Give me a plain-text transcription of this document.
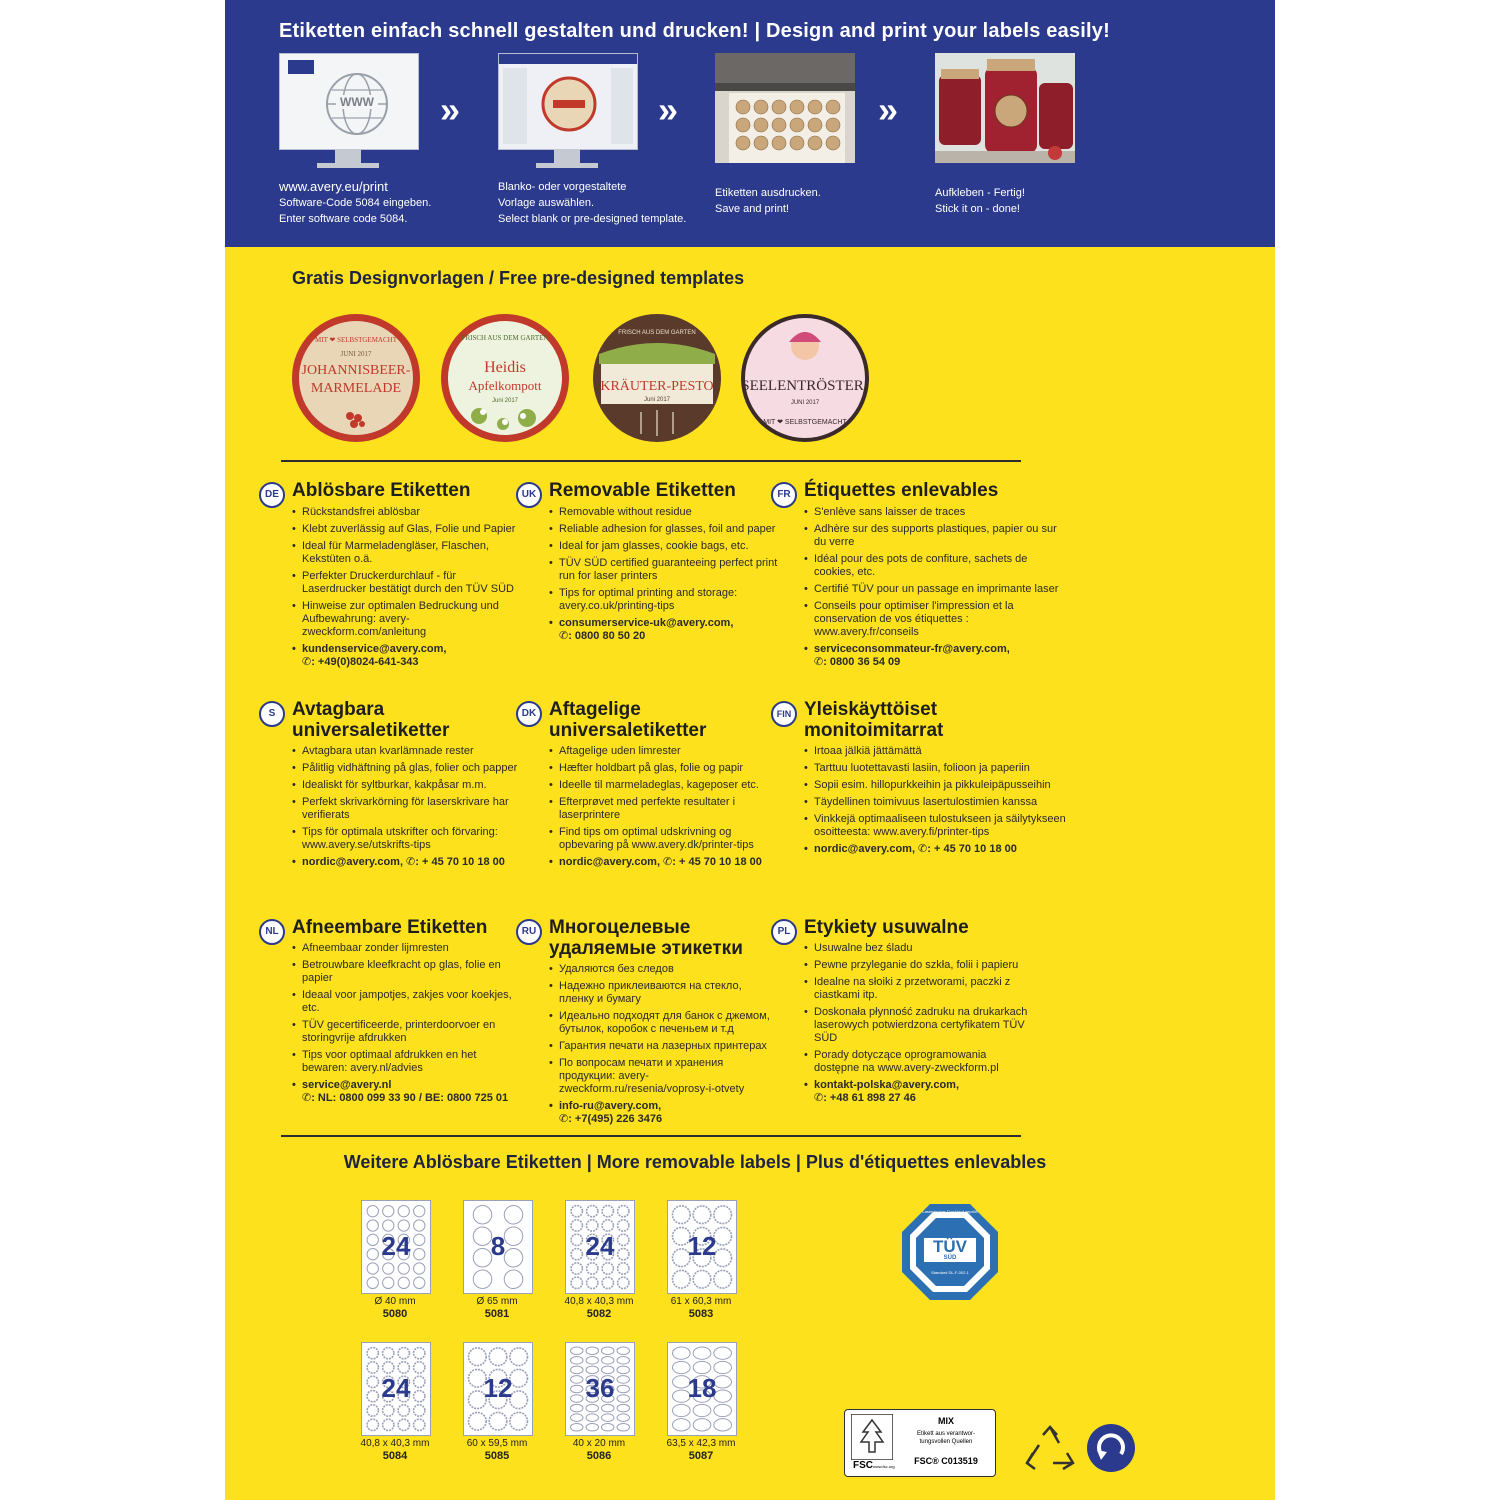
Etiketten einfach schnell gestalten und drucken! | Design and print your labels easily!
WWW
www.avery.eu/print
Software-Code 5084 eingeben.
Enter software code 5084.
»
Blanko- oder vorgestaltete
Vorlage auswählen.
Select blank or pre-designed template.
»
Etiketten ausdrucken.
Save and print!
»
Aufkleben - Fertig!
Stick it on - done!
Gratis Designvorlagen / Free pre-designed templates
MIT ❤ SELBSTGEMACHT
JOHANNISBEER-
MARMELADE
JUNI 2017
FRISCH AUS DEM GARTEN
Heidis
Apfelkompott
Juni 2017
FRISCH AUS DEM GARTEN
KRÄUTER-PESTO
Juni 2017
SEELENTRÖSTER!
JUNI 2017
MIT ❤ SELBSTGEMACHT
DE Ablösbare Etiketten
• Rückstandsfrei ablösbar
• Klebt zuverlässig auf Glas, Folie und Papier
• Ideal für Marmeladengläser, Flaschen, Kekstüten o.ä.
• Perfekter Druckerdurchlauf - für Laserdrucker bestätigt durch den TÜV SÜD
• Hinweise zur optimalen Bedruckung und Aufbewahrung: avery-zweckform.com/anleitung
• kundenservice@avery.com,
✆: +49(0)8024-641-343
UK Removable Etiketten
• Removable without residue
• Reliable adhesion for glasses, foil and paper
• Ideal for jam glasses, cookie bags, etc.
• TÜV SÜD certified guaranteeing perfect print run for laser printers
• Tips for optimal printing and storage: avery.co.uk/printing-tips
• consumerservice-uk@avery.com,
✆: 0800 80 50 20
FR Étiquettes enlevables
• S'enlève sans laisser de traces
• Adhère sur des supports plastiques, papier ou sur du verre
• Idéal pour des pots de confiture, sachets de cookies, etc.
• Certifié TÜV pour un passage en imprimante laser
• Conseils pour optimiser l'impression et la conservation de vos étiquettes : www.avery.fr/conseils
• serviceconsommateur-fr@avery.com,
✆: 0800 36 54 09
S Avtagbara universaletiketter
• Avtagbara utan kvarlämnade rester
• Pålitlig vidhäftning på glas, folier och papper
• Idealiskt för syltburkar, kakpåsar m.m.
• Perfekt skrivarkörning för laserskrivare har verifierats
• Tips för optimala utskrifter och förvaring: www.avery.se/utskrifts-tips
• nordic@avery.com, ✆: + 45 70 10 18 00
DK Aftagelige universaletiketter
• Aftagelige uden limrester
• Hæfter holdbart på glas, folie og papir
• Ideelle til marmeladeglas, kageposer etc.
• Efterprøvet med perfekte resultater i laserprintere
• Find tips om optimal udskrivning og opbevaring på www.avery.dk/printer-tips
• nordic@avery.com, ✆: + 45 70 10 18 00
FIN Yleiskäyttöiset monitoimitarrat
• Irtoaa jälkiä jättämättä
• Tarttuu luotettavasti lasiin, folioon ja paperiin
• Sopii esim. hillopurkkeihin ja pikkuleipäpusseihin
• Täydellinen toimivuus lasertulostimien kanssa
• Vinkkejä optimaaliseen tulostukseen ja säilytykseen osoitteesta: www.avery.fi/printer-tips
• nordic@avery.com, ✆: + 45 70 10 18 00
NL Afneembare Etiketten
• Afneembaar zonder lijmresten
• Betrouwbare kleefkracht op glas, folie en papier
• Ideaal voor jampotjes, zakjes voor koekjes, etc.
• TÜV gecertificeerde, printerdoorvoer en storingvrije afdrukken
• Tips voor optimaal afdrukken en het bewaren: avery.nl/advies
• service@avery.nl
✆: NL: 0800 099 33 90 / BE: 0800 725 01
RU Многоцелевые удаляемые этикетки
• Удаляются без следов
• Надежно приклеиваются на стекло, пленку и бумагу
• Идеально подходят для банок с джемом, бутылок, коробок с печеньем и т.д
• Гарантия печати на лазерных принтерах
• По вопросам печати и хранения продукции: avery-zweckform.ru/resenia/voprosy-i-otvety
• info-ru@avery.com,
✆: +7(495) 226 3476
PL Etykiety usuwalne
• Usuwalne bez śladu
• Pewne przyleganie do szkła, folii i papieru
• Idealne na słoiki z przetworami, paczki z ciastkami itp.
• Doskonała płynność zadruku na drukarkach laserowych potwierdzona certyfikatem TÜV SÜD
• Porady dotyczące oprogramowania dostępne na www.avery-zweckform.pl
• kontakt-polska@avery.com,
✆: +48 61 898 27 46
Weitere Ablösbare Etiketten | More removable labels | Plus d'étiquettes enlevables
24
Ø 40 mm
5080
8
Ø 65 mm
5081
24
40,8 x 40,3 mm
5082
12
61 x 60,3 mm
5083
24
40,8 x 40,3 mm
5084
12
60 x 59,5 mm
5085
36
40 x 20 mm
5086
18
63,5 x 42,3 mm
5087
Laserdrucker Durchlauf geprüft
TÜV
SÜD
Standard DL-F-002-1
FSC www.fsc.org
MIX
Etikett aus verantwor-
tungsvollen Quellen
FSC® C013519
